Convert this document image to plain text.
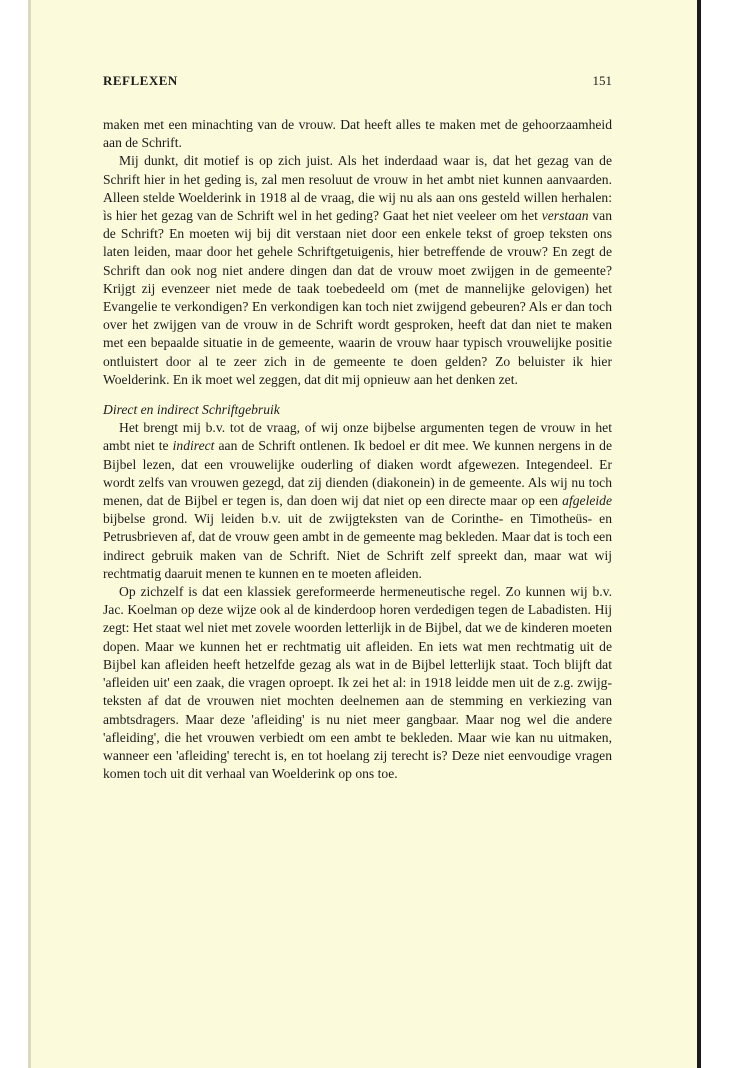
REFLEXEN	151

maken met een minachting van de vrouw. Dat heeft alles te maken met de gehoorzaamheid aan de Schrift.

Mij dunkt, dit motief is op zich juist. Als het inderdaad waar is, dat het gezag van de Schrift hier in het geding is, zal men resoluut de vrouw in het ambt niet kunnen aanvaarden. Alleen stelde Woelderink in 1918 al de vraag, die wij nu als aan ons gesteld willen herhalen: ìs hier het gezag van de Schrift wel in het geding? Gaat het niet veeleer om het verstaan van de Schrift? En moeten wij bij dit verstaan niet door een enkele tekst of groep teksten ons laten leiden, maar door het gehele Schriftgetuigenis, hier betreffende de vrouw? En zegt de Schrift dan ook nog niet andere dingen dan dat de vrouw moet zwijgen in de gemeente? Krijgt zij evenzeer niet mede de taak toebedeeld om (met de mannelijke gelovigen) het Evangelie te verkondigen? En verkondigen kan toch niet zwijgend gebeuren? Als er dan toch over het zwijgen van de vrouw in de Schrift wordt gesproken, heeft dat dan niet te maken met een bepaalde situatie in de gemeente, waarin de vrouw haar typisch vrouwelijke positie ontluistert door al te zeer zich in de gemeente te doen gelden? Zo beluister ik hier Woelderink. En ik moet wel zeggen, dat dit mij opnieuw aan het denken zet.

Direct en indirect Schriftgebruik

Het brengt mij b.v. tot de vraag, of wij onze bijbelse argumenten tegen de vrouw in het ambt niet te indirect aan de Schrift ontlenen. Ik bedoel er dit mee. We kunnen nergens in de Bijbel lezen, dat een vrouwelijke ouderling of diaken wordt afgewezen. Integendeel. Er wordt zelfs van vrouwen gezegd, dat zij dienden (diakonein) in de gemeente. Als wij nu toch menen, dat de Bijbel er tegen is, dan doen wij dat niet op een directe maar op een afgeleide bijbelse grond. Wij leiden b.v. uit de zwijgteksten van de Corinthe- en Timotheüs- en Petrusbrieven af, dat de vrouw geen ambt in de gemeente mag bekleden. Maar dat is toch een indirect gebruik maken van de Schrift. Niet de Schrift zelf spreekt dan, maar wat wij rechtmatig daaruit menen te kunnen en te moeten afleiden.

Op zichzelf is dat een klassiek gereformeerde hermeneutische regel. Zo kunnen wij b.v. Jac. Koelman op deze wijze ook al de kinderdoop horen verdedigen tegen de Labadisten. Hij zegt: Het staat wel niet met zovele woorden letterlijk in de Bijbel, dat we de kinderen moeten dopen. Maar we kunnen het er rechtmatig uit afleiden. En iets wat men rechtmatig uit de Bijbel kan afleiden heeft hetzelfde gezag als wat in de Bijbel letterlijk staat. Toch blijft dat 'afleiden uit' een zaak, die vragen oproept. Ik zei het al: in 1918 leidde men uit de z.g. zwijg-teksten af dat de vrouwen niet mochten deelnemen aan de stemming en verkiezing van ambtsdragers. Maar deze 'afleiding' is nu niet meer gangbaar. Maar nog wel die andere 'afleiding', die het vrouwen verbiedt om een ambt te bekleden. Maar wie kan nu uitmaken, wanneer een 'afleiding' terecht is, en tot hoelang zij terecht is? Deze niet eenvoudige vragen komen toch uit dit verhaal van Woelderink op ons toe.
